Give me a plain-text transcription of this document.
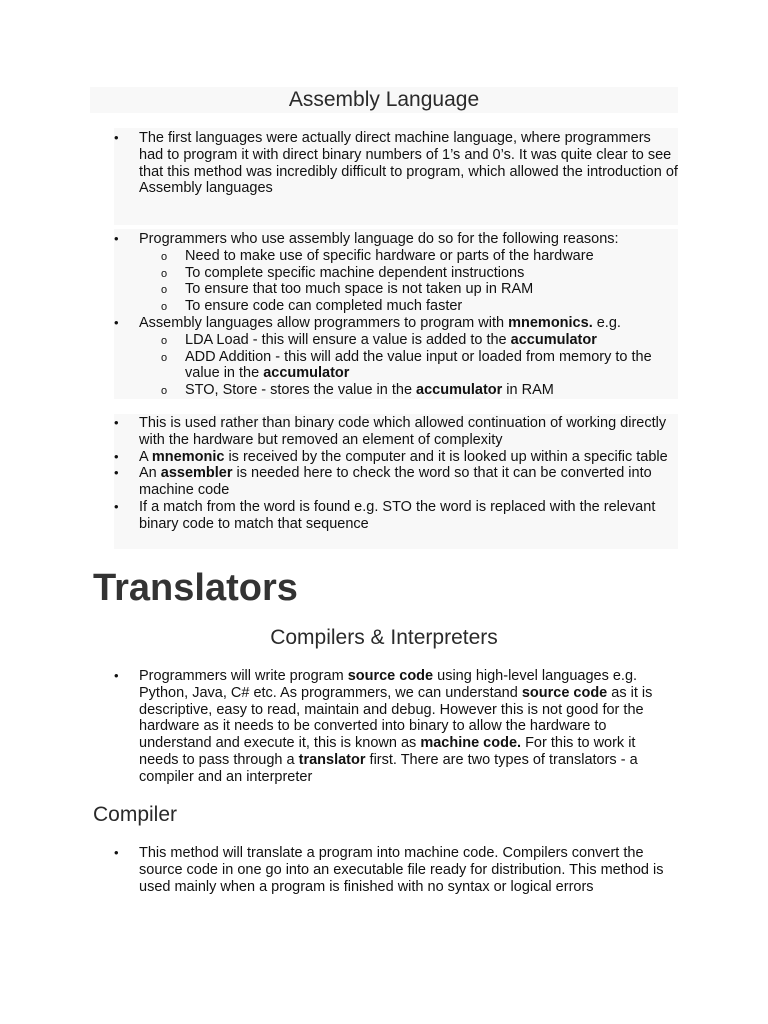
Assembly Language
• The first languages were actually direct machine language, where programmers had to program it with direct binary numbers of 1’s and 0’s. It was quite clear to see that this method was incredibly difficult to program, which allowed the introduction of Assembly languages
• Programmers who use assembly language do so for the following reasons:
o Need to make use of specific hardware or parts of the hardware
o To complete specific machine dependent instructions
o To ensure that too much space is not taken up in RAM
o To ensure code can completed much faster
• Assembly languages allow programmers to program with mnemonics. e.g.
o LDA Load - this will ensure a value is added to the accumulator
o ADD Addition - this will add the value input or loaded from memory to the value in the accumulator
o STO, Store - stores the value in the accumulator in RAM
• This is used rather than binary code which allowed continuation of working directly with the hardware but removed an element of complexity
• A mnemonic is received by the computer and it is looked up within a specific table
• An assembler is needed here to check the word so that it can be converted into machine code
• If a match from the word is found e.g. STO the word is replaced with the relevant binary code to match that sequence
Translators
Compilers & Interpreters
• Programmers will write program source code using high-level languages e.g. Python, Java, C# etc. As programmers, we can understand source code as it is descriptive, easy to read, maintain and debug. However this is not good for the hardware as it needs to be converted into binary to allow the hardware to understand and execute it, this is known as machine code. For this to work it needs to pass through a translator first. There are two types of translators - a compiler and an interpreter
Compiler
• This method will translate a program into machine code. Compilers convert the source code in one go into an executable file ready for distribution. This method is used mainly when a program is finished with no syntax or logical errors
